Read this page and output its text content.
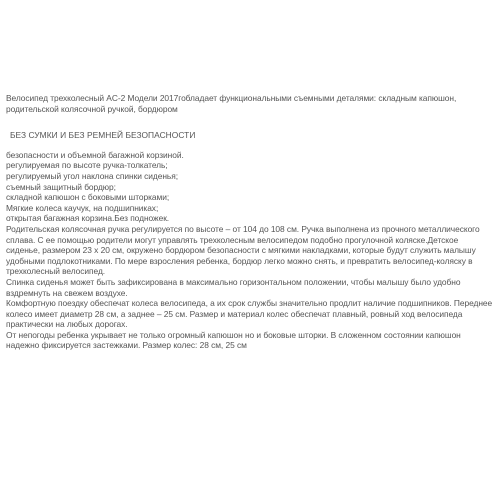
Велосипед трехколесный AC-2 Модели 2017гобладает функциональными съемными деталями: складным капюшон, родительской колясочной ручкой, бордюром

БЕЗ СУМКИ И БЕЗ РЕМНЕЙ БЕЗОПАСНОСТИ

безопасности и объемной багажной корзиной.
регулируемая по высоте ручка-толкатель;
регулируемый угол наклона спинки сиденья;
съемный защитный бордюр;
складной капюшон с боковыми шторками;
Мягкие колеса каучук, на подшипниках;
открытая багажная корзина.Без подножек.

Родительская колясочная ручка регулируется по высоте – от 104 до 108 см. Ручка выполнена из прочного металлического сплава. С ее помощью родители могут управлять трехколесным велосипедом подобно прогулочной коляске.Детское сиденье, размером 23 х 20 см, окружено бордюром безопасности с мягкими накладками, которые будут служить малышу удобными подлокотниками. По мере взросления ребенка, бордюр легко можно снять, и превратить велосипед-коляску в трехколесный велосипед.

Спинка сиденья может быть зафиксирована в максимально горизонтальном положении, чтобы малышу было удобно вздремнуть на свежем воздухе.

Комфортную поездку обеспечат колеса велосипеда, а их срок службы значительно продлит наличие подшипников. Переднее колесо имеет диаметр 28 см, а заднее – 25 см. Размер и материал колес обеспечат плавный, ровный ход велосипеда практически на любых дорогах.

От непогоды ребенка укрывает не только огромный капюшон но и боковые шторки. В сложенном состоянии капюшон надежно фиксируется застежками. Размер колес: 28 см, 25 см
